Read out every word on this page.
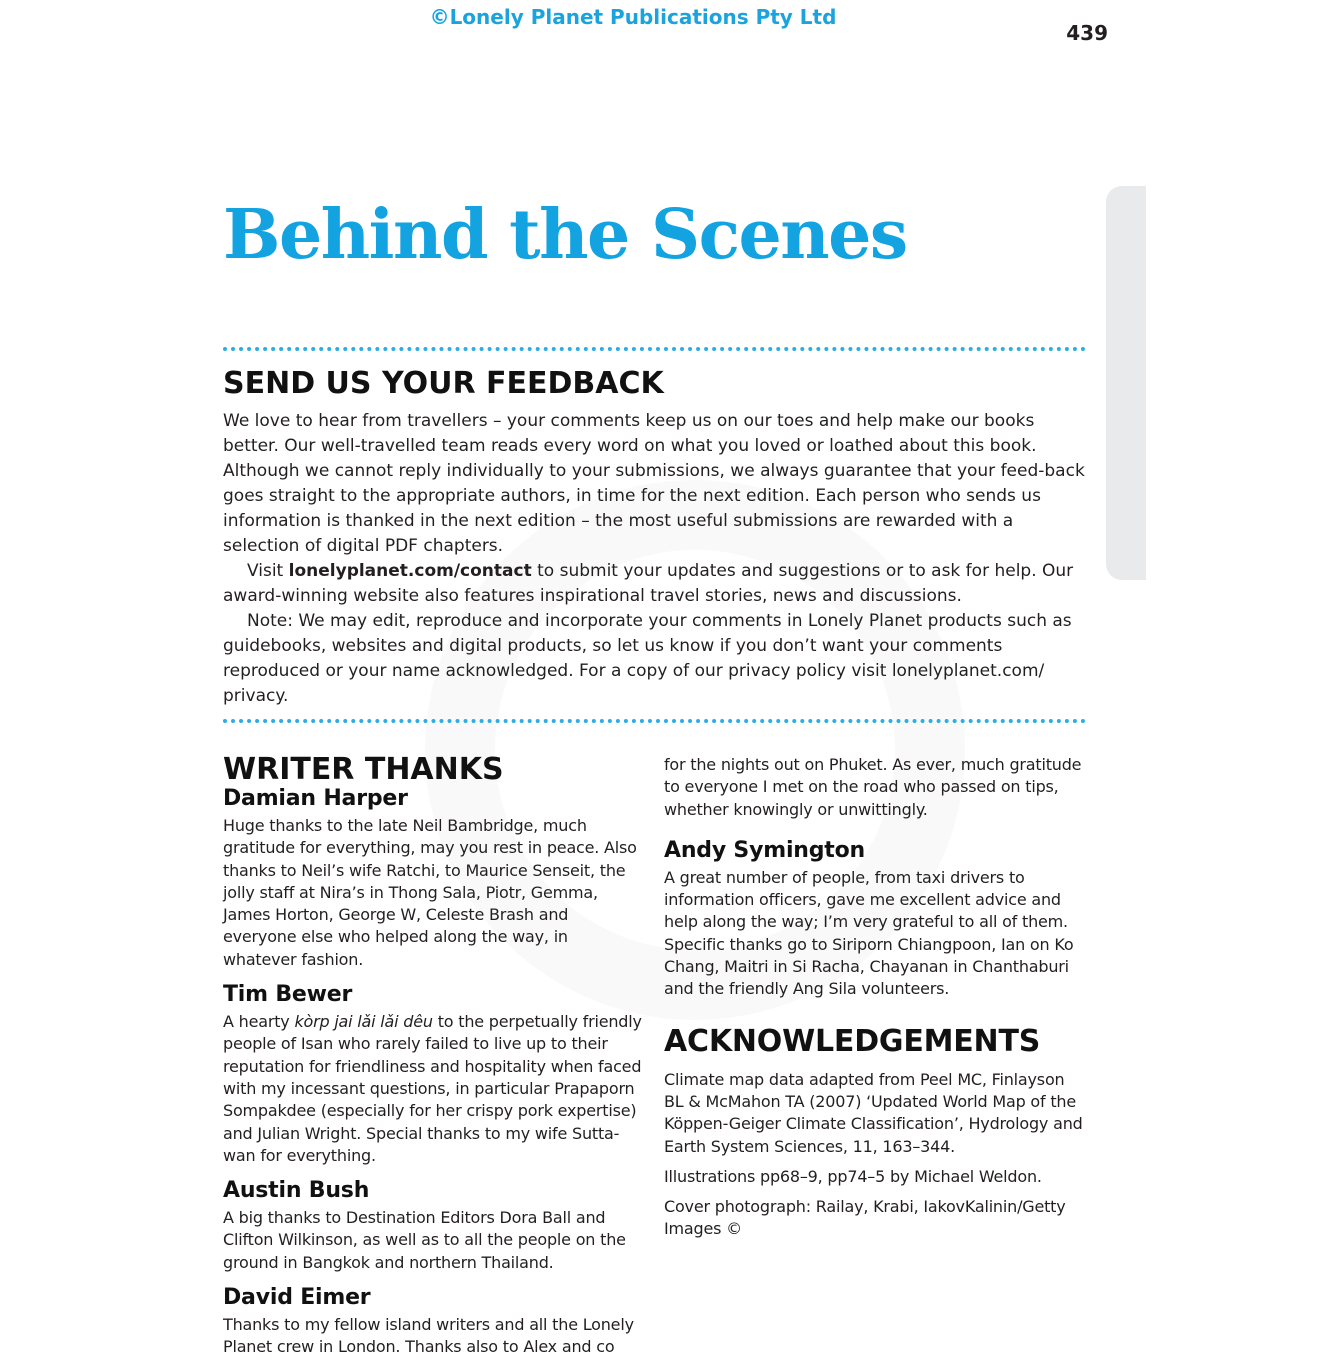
©Lonely Planet Publications Pty Ltd
439
Behind the Scenes
SEND US YOUR FEEDBACK

We love to hear from travellers – your comments keep us on our toes and help make our books better. Our well-travelled team reads every word on what you loved or loathed about this book. Although we cannot reply individually to your submissions, we always guarantee that your feed-back goes straight to the appropriate authors, in time for the next edition. Each person who sends us information is thanked in the next edition – the most useful submissions are rewarded with a selection of digital PDF chapters.

Visit lonelyplanet.com/contact to submit your updates and suggestions or to ask for help. Our award-winning website also features inspirational travel stories, news and discussions.

Note: We may edit, reproduce and incorporate your comments in Lonely Planet products such as guidebooks, websites and digital products, so let us know if you don’t want your comments reproduced or your name acknowledged. For a copy of our privacy policy visit lonelyplanet.com/ privacy.

WRITER THANKS
Damian Harper

Huge thanks to the late Neil Bambridge, much gratitude for everything, may you rest in peace. Also thanks to Neil’s wife Ratchi, to Maurice Senseit, the jolly staff at Nira’s in Thong Sala, Piotr, Gemma, James Horton, George W, Celeste Brash and everyone else who helped along the way, in whatever fashion.

Tim Bewer

A hearty kòrp jai lǎi lǎi dêu to the perpetually friendly people of Isan who rarely failed to live up to their reputation for friendliness and hospitality when faced with my incessant questions, in particular Prapaporn Sompakdee (especially for her crispy pork expertise) and Julian Wright. Special thanks to my wife Sutta-wan for everything.

Austin Bush

A big thanks to Destination Editors Dora Ball and Clifton Wilkinson, as well as to all the people on the ground in Bangkok and northern Thailand.

David Eimer

Thanks to my fellow island writers and all the Lonely Planet crew in London. Thanks also to Alex and co

for the nights out on Phuket. As ever, much gratitude to everyone I met on the road who passed on tips, whether knowingly or unwittingly.

Andy Symington

A great number of people, from taxi drivers to information officers, gave me excellent advice and help along the way; I’m very grateful to all of them. Specific thanks go to Siriporn Chiangpoon, Ian on Ko Chang, Maitri in Si Racha, Chayanan in Chanthaburi and the friendly Ang Sila volunteers.

ACKNOWLEDGEMENTS

Climate map data adapted from Peel MC, Finlayson BL & McMahon TA (2007) ‘Updated World Map of the Köppen-Geiger Climate Classification’, Hydrology and Earth System Sciences, 11, 163–344.

Illustrations pp68–9, pp74–5 by Michael Weldon.

Cover photograph: Railay, Krabi, IakovKalinin/Getty Images ©
